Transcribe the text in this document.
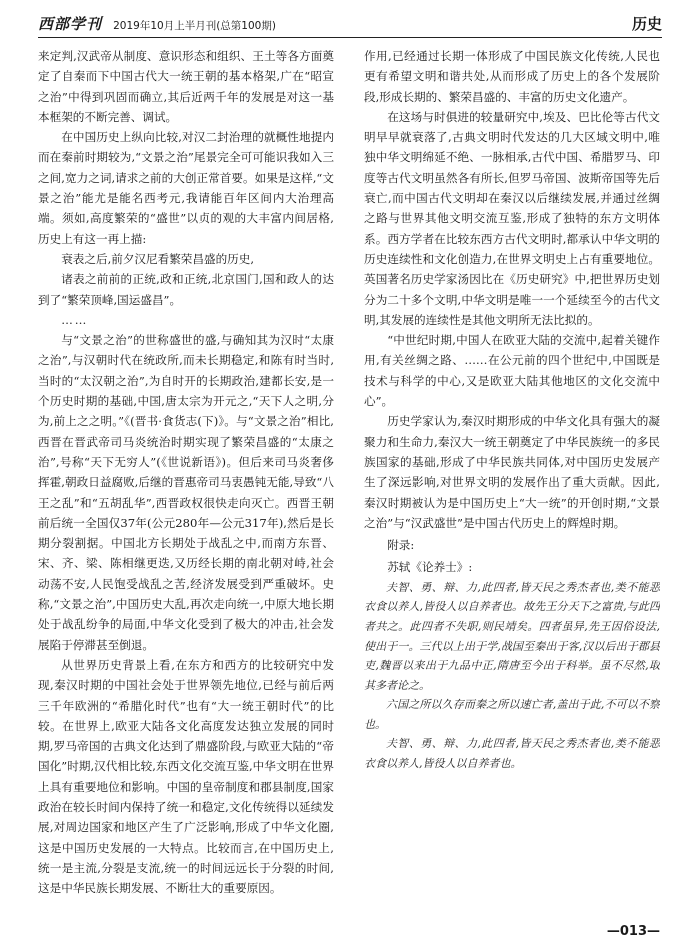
西部学刊 2019年10月上半月刊(总第100期)	历史

来定判,汉武帝从制度、意识形态和组织、王土等各方面奠定了自秦而下中国古代大一统王朝的基本格架,广在“昭宣之治”中得到巩固而确立,其后近两千年的发展是对这一基本框架的不断完善、调试。

在中国历史上纵向比较,对汉二封治理的就概性地提内而在秦前时期较为,“文景之治”尾景完全可可能识我如入三之间,宽力之词,请求之前的大创正常首要。如果是这样,“文景之治”能尤是能名西考元,我请能百年区间内大治理高端。须如,高度繁荣的“盛世”以贞的观的大丰富内间居格,历史上有这一再上描:

衰表之后,前夕汉尼看繁荣昌盛的历史,

诸表之前前的正统,政和正统,北京国门,国和政人的达到了“繁荣顶峰,国运盛昌”。

……

与“文景之治”的世称盛世的盛,与确知其为汉时“太康之治”,与汉朝时代在统政所,而未长期稳定,和陈有时当时,当时的“太汉朝之治”,为自时开的长期政治,建都长安,是一个历史时期的基础,中国,唐太宗为开元之,“天下人之明,分为,前上之之明。”《(晋书·食货志(下)》。与“文景之治”相比,西晋在晋武帝司马炎统治时期实现了繁荣昌盛的“太康之治”,号称“天下无穷人”(《世说新语》)。但后来司马炎奢侈挥霍,朝政日益腐败,后继的晋惠帝司马衷愚钝无能,导致“八王之乱”和“五胡乱华”,西晋政权很快走向灭亡。西晋王朝前后统一全国仅37年(公元280年—公元317年),然后是长期分裂割据。中国北方长期处于战乱之中,而南方东晋、宋、齐、梁、陈相继更迭,又历经长期的南北朝对峙,社会动荡不安,人民饱受战乱之苦,经济发展受到严重破坏。史称,“文景之治”,中国历史大乱,再次走向统一,中原大地长期处于战乱纷争的局面,中华文化受到了极大的冲击,社会发展陷于停滞甚至倒退。

从世界历史背景上看,在东方和西方的比较研究中发现,秦汉时期的中国社会处于世界领先地位,已经与前后两三千年欧洲的“希腊化时代”也有“大一统王朝时代”的比较。在世界上,欧亚大陆各文化高度发达独立发展的同时期,罗马帝国的古典文化达到了鼎盛阶段,与欧亚大陆的“帝国化”时期,汉代相比较,东西文化交流互鉴,中华文明在世界上具有重要地位和影响。中国的皇帝制度和郡县制度,国家政治在较长时间内保持了统一和稳定,文化传统得以延续发展,对周边国家和地区产生了广泛影响,形成了中华文化圈,这是中国历史发展的一大特点。比较而言,在中国历史上,统一是主流,分裂是支流,统一的时间远远长于分裂的时间,这是中华民族长期发展、不断壮大的重要原因。

作用,已经通过长期一体形成了中国民族文化传统,人民也更有希望文明和谐共处,从而形成了历史上的各个发展阶段,形成长期的、繁荣昌盛的、丰富的历史文化遗产。

在这场与时俱进的较量研究中,埃及、巴比伦等古代文明早早就衰落了,古典文明时代发达的几大区域文明中,唯独中华文明绵延不绝、一脉相承,古代中国、希腊罗马、印度等古代文明虽然各有所长,但罗马帝国、波斯帝国等先后衰亡,而中国古代文明却在秦汉以后继续发展,并通过丝绸之路与世界其他文明交流互鉴,形成了独特的东方文明体系。西方学者在比较东西方古代文明时,都承认中华文明的历史连续性和文化创造力,在世界文明史上占有重要地位。英国著名历史学家汤因比在《历史研究》中,把世界历史划分为二十多个文明,中华文明是唯一一个延续至今的古代文明,其发展的连续性是其他文明所无法比拟的。

“中世纪时期,中国人在欧亚大陆的交流中,起着关键作用,有关丝绸之路、……在公元前的四个世纪中,中国既是技术与科学的中心,又是欧亚大陆其他地区的文化交流中心”。

历史学家认为,秦汉时期形成的中华文化具有强大的凝聚力和生命力,秦汉大一统王朝奠定了中华民族统一的多民族国家的基础,形成了中华民族共同体,对中国历史发展产生了深远影响,对世界文明的发展作出了重大贡献。因此,秦汉时期被认为是中国历史上“大一统”的开创时期,“文景之治”与“汉武盛世”是中国古代历史上的辉煌时期。

附录:

苏轼《论养士》:

夫智、勇、辩、力,此四者,皆天民之秀杰者也,类不能恶衣食以养人,皆役人以自养者也。故先王分天下之富贵,与此四者共之。此四者不失职,则民靖矣。四者虽异,先王因俗设法,使出于一。三代以上出于学,战国至秦出于客,汉以后出于郡县吏,魏晋以来出于九品中正,隋唐至今出于科举。虽不尽然,取其多者论之。

六国之所以久存而秦之所以速亡者,盖出于此,不可以不察也。

夫智、勇、辩、力,此四者,皆天民之秀杰者也,类不能恶衣食以养人,皆役人以自养者也。

—013—
